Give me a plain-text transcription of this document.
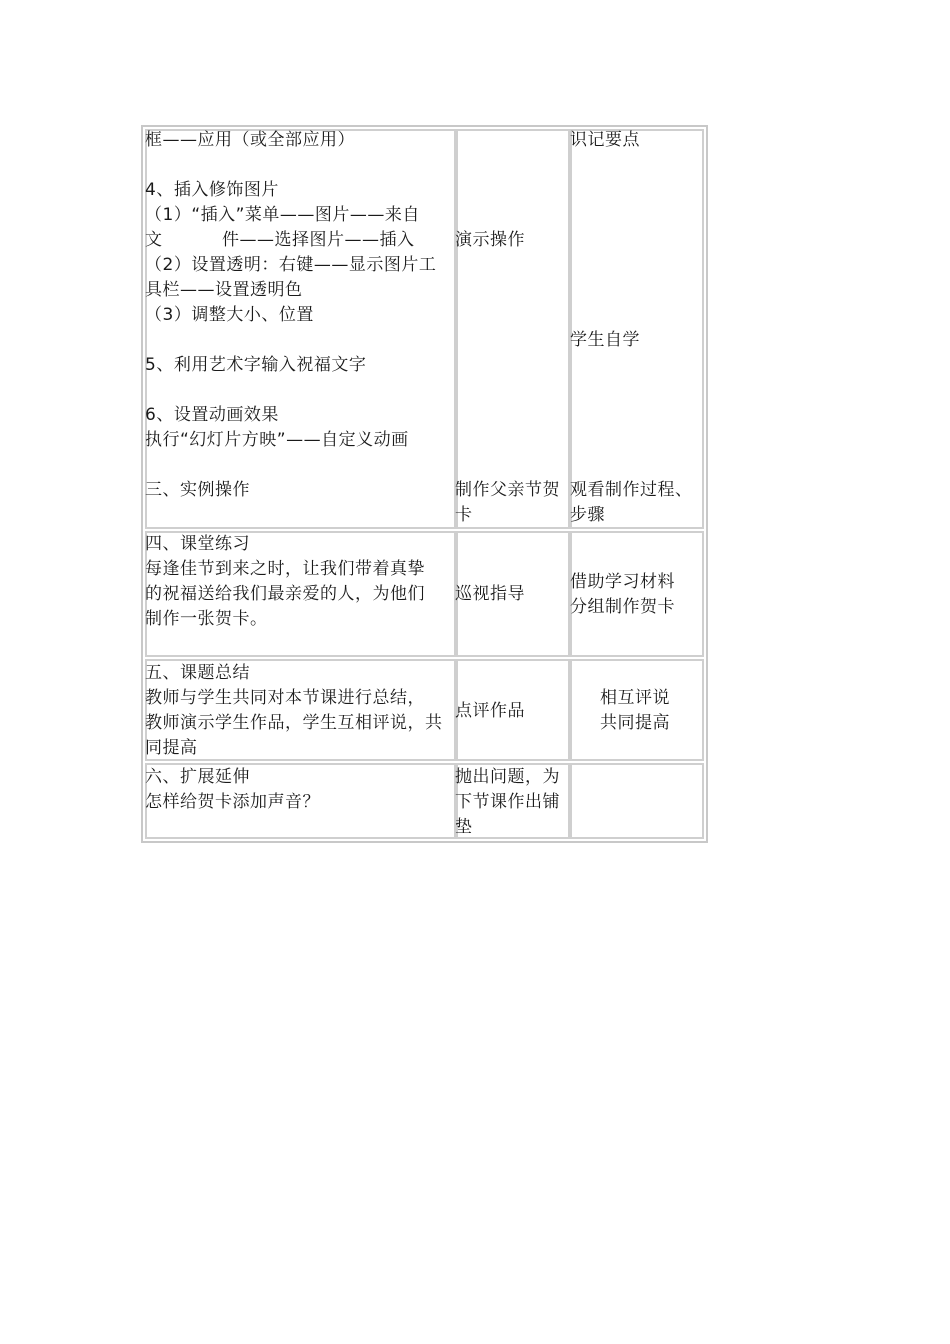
框——应用（或全部应用）
4、插入修饰图片
（1）“插入”菜单——图片——来自
文	件——选择图片——插入
（2）设置透明：右键——显示图片工
具栏——设置透明色
（3）调整大小、位置
5、利用艺术字输入祝福文字
6、设置动画效果
执行“幻灯片方映”——自定义动画
三、实例操作
演示操作
制作父亲节贺
卡
识记要点
学生自学
观看制作过程、
步骤
四、课堂练习
每逢佳节到来之时，让我们带着真挚
的祝福送给我们最亲爱的人，为他们
制作一张贺卡。
巡视指导
借助学习材料
分组制作贺卡
五、课题总结
教师与学生共同对本节课进行总结，
教师演示学生作品，学生互相评说，共
同提高
点评作品
相互评说
共同提高
六、扩展延伸
怎样给贺卡添加声音？
抛出问题，为
下节课作出铺
垫
